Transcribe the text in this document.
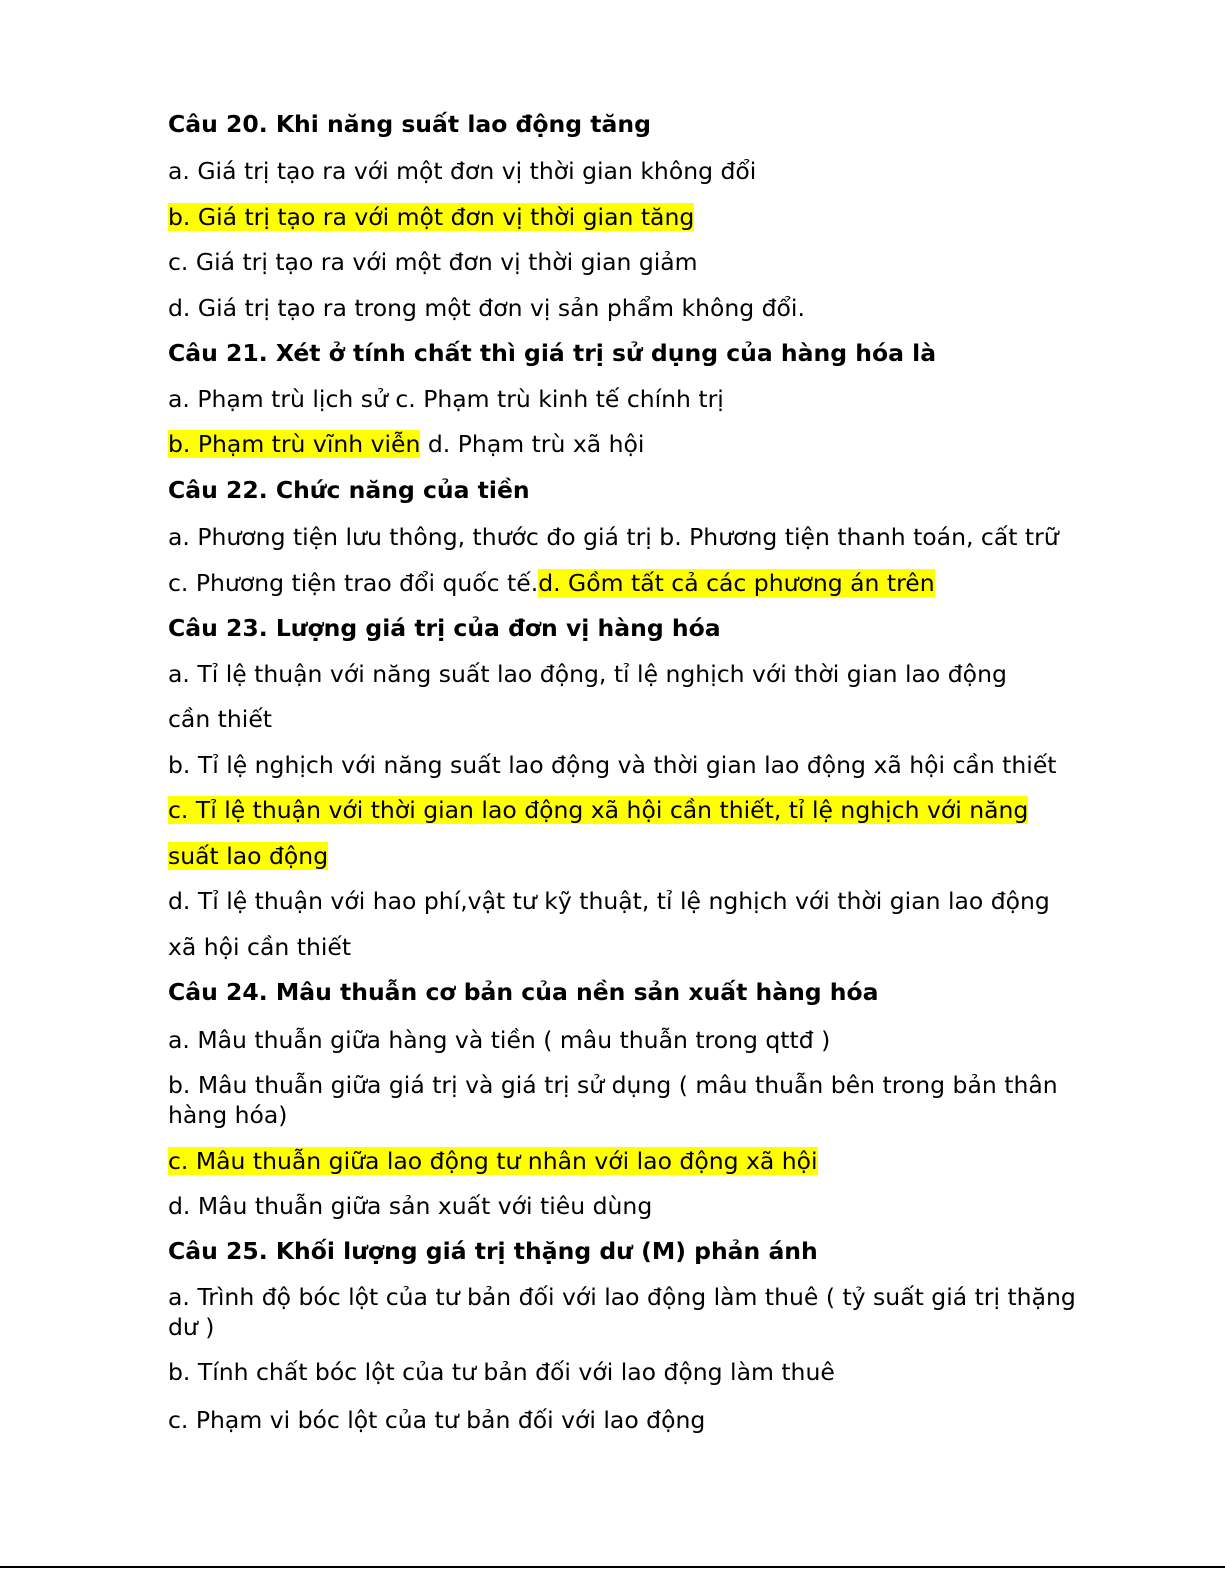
Câu 20. Khi năng suất lao động tăng
a. Giá trị tạo ra với một đơn vị thời gian không đổi
b. Giá trị tạo ra với một đơn vị thời gian tăng
c. Giá trị tạo ra với một đơn vị thời gian giảm
d. Giá trị tạo ra trong một đơn vị sản phẩm không đổi.
Câu 21. Xét ở tính chất thì giá trị sử dụng của hàng hóa là
a. Phạm trù lịch sử c. Phạm trù kinh tế chính trị
b. Phạm trù vĩnh viễn d. Phạm trù xã hội
Câu 22. Chức năng của tiền
a. Phương tiện lưu thông, thước đo giá trị b. Phương tiện thanh toán, cất trữ
c. Phương tiện trao đổi quốc tế.d. Gồm tất cả các phương án trên
Câu 23. Lượng giá trị của đơn vị hàng hóa
a. Tỉ lệ thuận với năng suất lao động, tỉ lệ nghịch với thời gian lao động
cần thiết
b. Tỉ lệ nghịch với năng suất lao động và thời gian lao động xã hội cần thiết
c. Tỉ lệ thuận với thời gian lao động xã hội cần thiết, tỉ lệ nghịch với năng
suất lao động
d. Tỉ lệ thuận với hao phí,vật tư kỹ thuật, tỉ lệ nghịch với thời gian lao động
xã hội cần thiết
Câu 24. Mâu thuẫn cơ bản của nền sản xuất hàng hóa
a. Mâu thuẫn giữa hàng và tiền ( mâu thuẫn trong qttđ )
b. Mâu thuẫn giữa giá trị và giá trị sử dụng ( mâu thuẫn bên trong bản thân hàng hóa)
c. Mâu thuẫn giữa lao động tư nhân với lao động xã hội
d. Mâu thuẫn giữa sản xuất với tiêu dùng
Câu 25. Khối lượng giá trị thặng dư (M) phản ánh
a. Trình độ bóc lột của tư bản đối với lao động làm thuê ( tỷ suất giá trị thặng dư )
b. Tính chất bóc lột của tư bản đối với lao động làm thuê
c. Phạm vi bóc lột của tư bản đối với lao động
